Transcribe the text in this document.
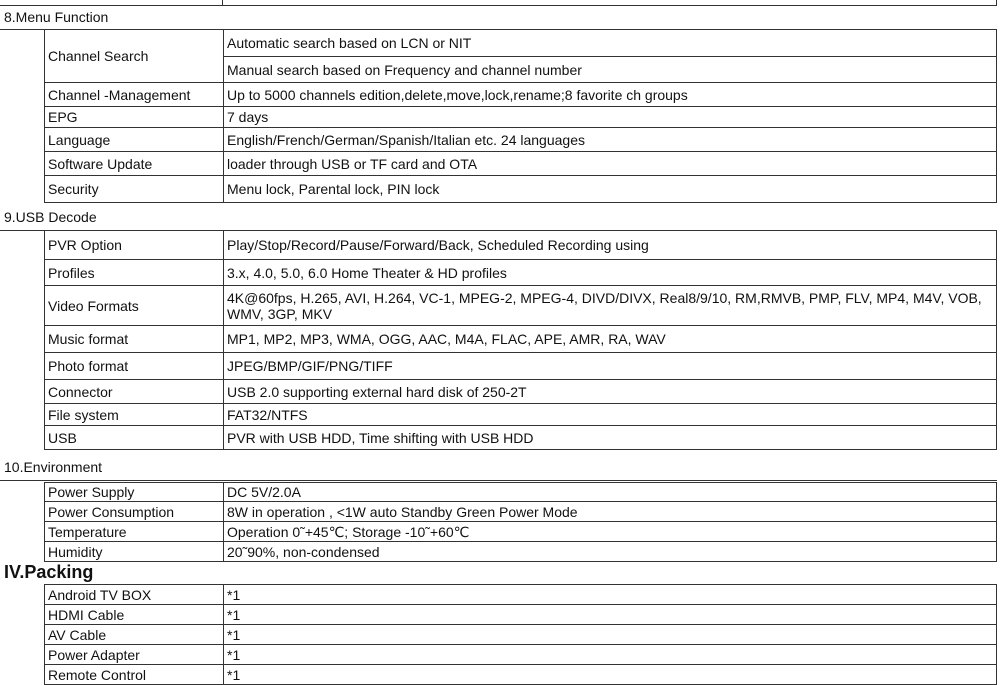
8.Menu Function
Channel Search	Automatic search based on LCN or NIT
	Manual search based on Frequency and channel number
Channel -Management	Up to 5000 channels edition,delete,move,lock,rename;8 favorite ch groups
EPG	7 days
Language	English/French/German/Spanish/Italian etc. 24 languages
Software Update	loader through USB or TF card and OTA
Security	Menu lock, Parental lock, PIN lock
9.USB Decode
PVR Option	Play/Stop/Record/Pause/Forward/Back, Scheduled Recording using
Profiles	3.x, 4.0, 5.0, 6.0 Home Theater & HD profiles
Video Formats	4K@60fps, H.265, AVI, H.264, VC-1, MPEG-2, MPEG-4, DIVD/DIVX, Real8/9/10, RM,RMVB, PMP, FLV, MP4, M4V, VOB, WMV, 3GP, MKV
Music format	MP1, MP2, MP3, WMA, OGG, AAC, M4A, FLAC, APE, AMR, RA, WAV
Photo format	JPEG/BMP/GIF/PNG/TIFF
Connector	USB 2.0 supporting external hard disk of 250-2T
File system	FAT32/NTFS
USB	PVR with USB HDD, Time shifting with USB HDD
10.Environment
Power Supply	DC 5V/2.0A
Power Consumption	8W in operation , <1W auto Standby Green Power Mode
Temperature	Operation 0˜+45℃; Storage -10˜+60℃
Humidity	20˜90%, non-condensed
IV.Packing
Android TV BOX	*1
HDMI Cable	*1
AV Cable	*1
Power Adapter	*1
Remote Control	*1
